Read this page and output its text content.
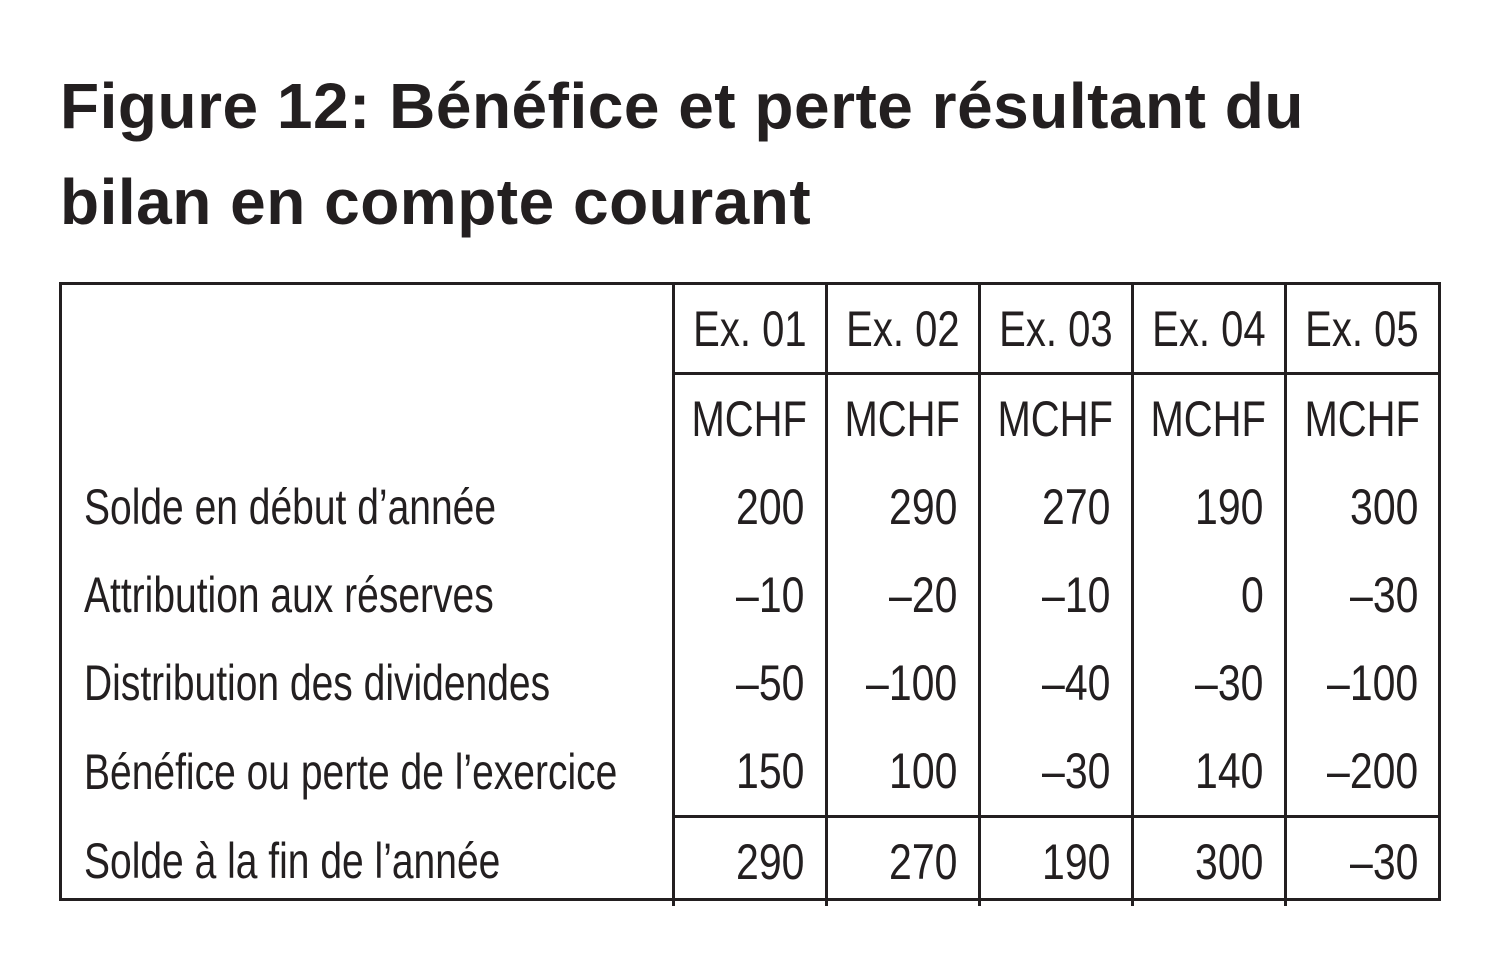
Figure 12: Bénéfice et perte résultant du
bilan en compte courant
	Ex. 01	Ex. 02	Ex. 03	Ex. 04	Ex. 05
	MCHF	MCHF	MCHF	MCHF	MCHF
Solde en début d’année	200	290	270	190	300
Attribution aux réserves	–10	–20	–10	0	–30
Distribution des dividendes	–50	–100	–40	–30	–100
Bénéfice ou perte de l’exercice	150	100	–30	140	–200
Solde à la fin de l’année	290	270	190	300	–30
